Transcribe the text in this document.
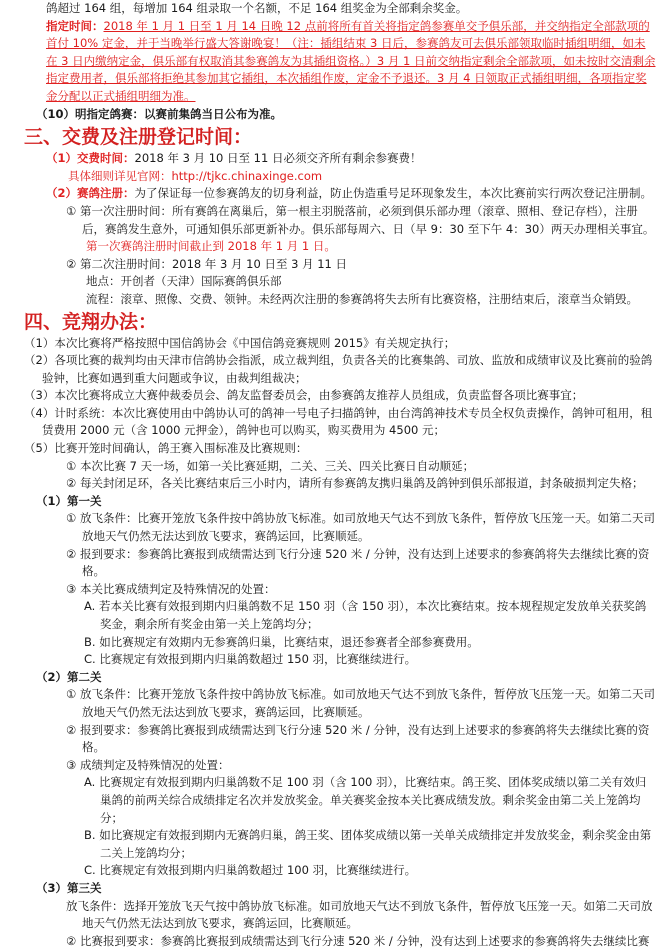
鸽超过 164 组，每增加 164 组录取一个名额，不足 164 组奖金为全部剩余奖金。

指定时间：2018 年 1 月 1 日至 1 月 14 日晚 12 点前将所有首关将指定鸽参赛单交予俱乐部，并交纳指定全部款项的首付 10% 定金，并于当晚举行盛大答谢晚宴！（注：插组结束 3 日后，参赛鸽友可去俱乐部领取临时插组明细，如未在 3 日内缴纳定金，俱乐部有权取消其参赛鸽友为其插组资格。）3 月 1 日前交纳指定剩余全部款项，如未按时交清剩余指定费用者，俱乐部将拒绝其参加其它插组，本次插组作废，定金不予退还。3 月 4 日领取正式插组明细，各项指定奖金分配以正式插组明细为准。

（10）明指定鸽赛：以赛前集鸽当日公布为准。

三、交费及注册登记时间：

（1）交费时间：2018 年 3 月 10 日至 11 日必须交齐所有剩余参赛费！

具体细则详见官网：http://tjkc.chinaxinge.com

（2）赛鸽注册：为了保证每一位参赛鸽友的切身利益，防止伪造重号足环现象发生，本次比赛前实行两次登记注册制。

① 第一次注册时间：所有赛鸽在离巢后，第一根主羽脱落前，必须到俱乐部办理（滚章、照相、登记存档），注册后，赛鸽发生意外，可通知俱乐部更新补办。俱乐部每周六、日（早 9：30 至下午 4：30）两天办理相关事宜。

第一次赛鸽注册时间截止到 2018 年 1 月 1 日。

② 第二次注册时间：2018 年 3 月 10 日至 3 月 11 日

地点：开创者（天津）国际赛鸽俱乐部

流程：滚章、照像、交费、领钟。未经两次注册的参赛鸽将失去所有比赛资格，注册结束后，滚章当众销毁。

四、竞翔办法：

（1）本次比赛将严格按照中国信鸽协会《中国信鸽竞赛规则 2015》有关规定执行；

（2）各项比赛的裁判均由天津市信鸽协会指派，成立裁判组，负责各关的比赛集鸽、司放、监放和成绩审议及比赛前的验鸽验钟，比赛如遇到重大问题或争议，由裁判组裁决；

（3）本次比赛将成立大赛仲裁委员会、鸽友监督委员会，由参赛鸽友推荐人员组成，负责监督各项比赛事宜；

（4）计时系统：本次比赛使用由中鸽协认可的鸽神一号电子扫描鸽钟，由台湾鸽神技术专员全权负责操作，鸽钟可租用，租赁费用 2000 元（含 1000 元押金），鸽钟也可以购买，购买费用为 4500 元；

（5）比赛开笼时间确认，鸽王赛入围标准及比赛规则：

① 本次比赛 7 天一场，如第一关比赛延期，二关、三关、四关比赛日自动顺延；

② 每关封闭足环，各关比赛结束后三小时内，请所有参赛鸽友携归巢鸽及鸽钟到俱乐部报道，封条破损判定失格；

（1）第一关

① 放飞条件：比赛开笼放飞条件按中鸽协放飞标准。如司放地天气达不到放飞条件，暂停放飞压笼一天。如第二天司放地天气仍然无法达到放飞要求，赛鸽运回，比赛顺延。

② 报到要求：参赛鸽比赛报到成绩需达到飞行分速 520 米 / 分钟，没有达到上述要求的参赛鸽将失去继续比赛的资格。

③ 本关比赛成绩判定及特殊情况的处置：

A. 若本关比赛有效报到期内归巢鸽数不足 150 羽（含 150 羽），本次比赛结束。按本规程规定发放单关获奖鸽奖金，剩余所有奖金由第一关上笼鸽均分；

B. 如比赛规定有效期内无参赛鸽归巢，比赛结束，退还参赛者全部参赛费用。

C. 比赛规定有效报到期内归巢鸽数超过 150 羽，比赛继续进行。

（2）第二关

① 放飞条件：比赛开笼放飞条件按中鸽协放飞标准。如司放地天气达不到放飞条件，暂停放飞压笼一天。如第二天司放地天气仍然无法达到放飞要求，赛鸽运回，比赛顺延。

② 报到要求：参赛鸽比赛报到成绩需达到飞行分速 520 米 / 分钟，没有达到上述要求的参赛鸽将失去继续比赛的资格。

③ 成绩判定及特殊情况的处置：

A. 比赛规定有效报到期内归巢鸽数不足 100 羽（含 100 羽），比赛结束。鸽王奖、团体奖成绩以第二关有效归巢鸽的前两关综合成绩排定名次并发放奖金。单关赛奖金按本关比赛成绩发放。剩余奖金由第二关上笼鸽均分；

B. 如比赛规定有效报到期内无赛鸽归巢，鸽王奖、团体奖成绩以第一关单关成绩排定并发放奖金，剩余奖金由第二关上笼鸽均分；

C. 比赛规定有效报到期内归巢鸽数超过 100 羽，比赛继续进行。

（3）第三关

放飞条件：选择开笼放飞天气按中鸽协放飞标准。如司放地天气达不到放飞条件，暂停放飞压笼一天。如第二天司放地天气仍然无法达到放飞要求，赛鸽运回，比赛顺延。

② 比赛报到要求：参赛鸽比赛报到成绩需达到飞行分速 520 米 / 分钟，没有达到上述要求的参赛鸽将失去继续比赛
